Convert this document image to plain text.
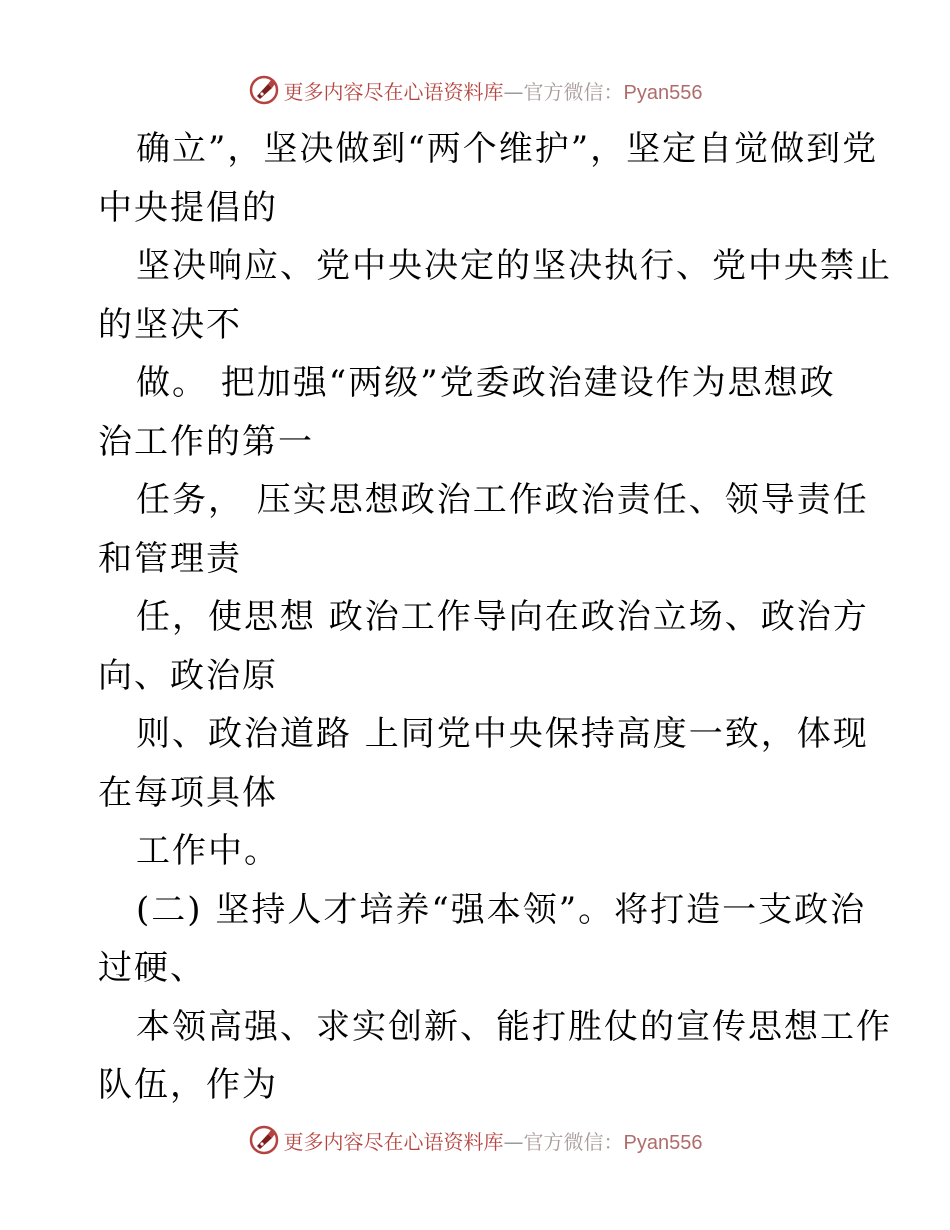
更多内容尽在心语资料库—官方微信：Pyan556
确立”，坚决做到“两个维护”，坚定自觉做到党
中央提倡的
坚决响应、党中央决定的坚决执行、党中央禁止
的坚决不
做。 把加强“两级”党委政治建设作为思想政
治工作的第一
任务， 压实思想政治工作政治责任、领导责任
和管理责
任，使思想 政治工作导向在政治立场、政治方
向、政治原
则、政治道路 上同党中央保持高度一致，体现
在每项具体
工作中。
(二) 坚持人才培养“强本领”。将打造一支政治
过硬、
本领高强、求实创新、能打胜仗的宣传思想工作
队伍，作为
更多内容尽在心语资料库—官方微信：Pyan556
